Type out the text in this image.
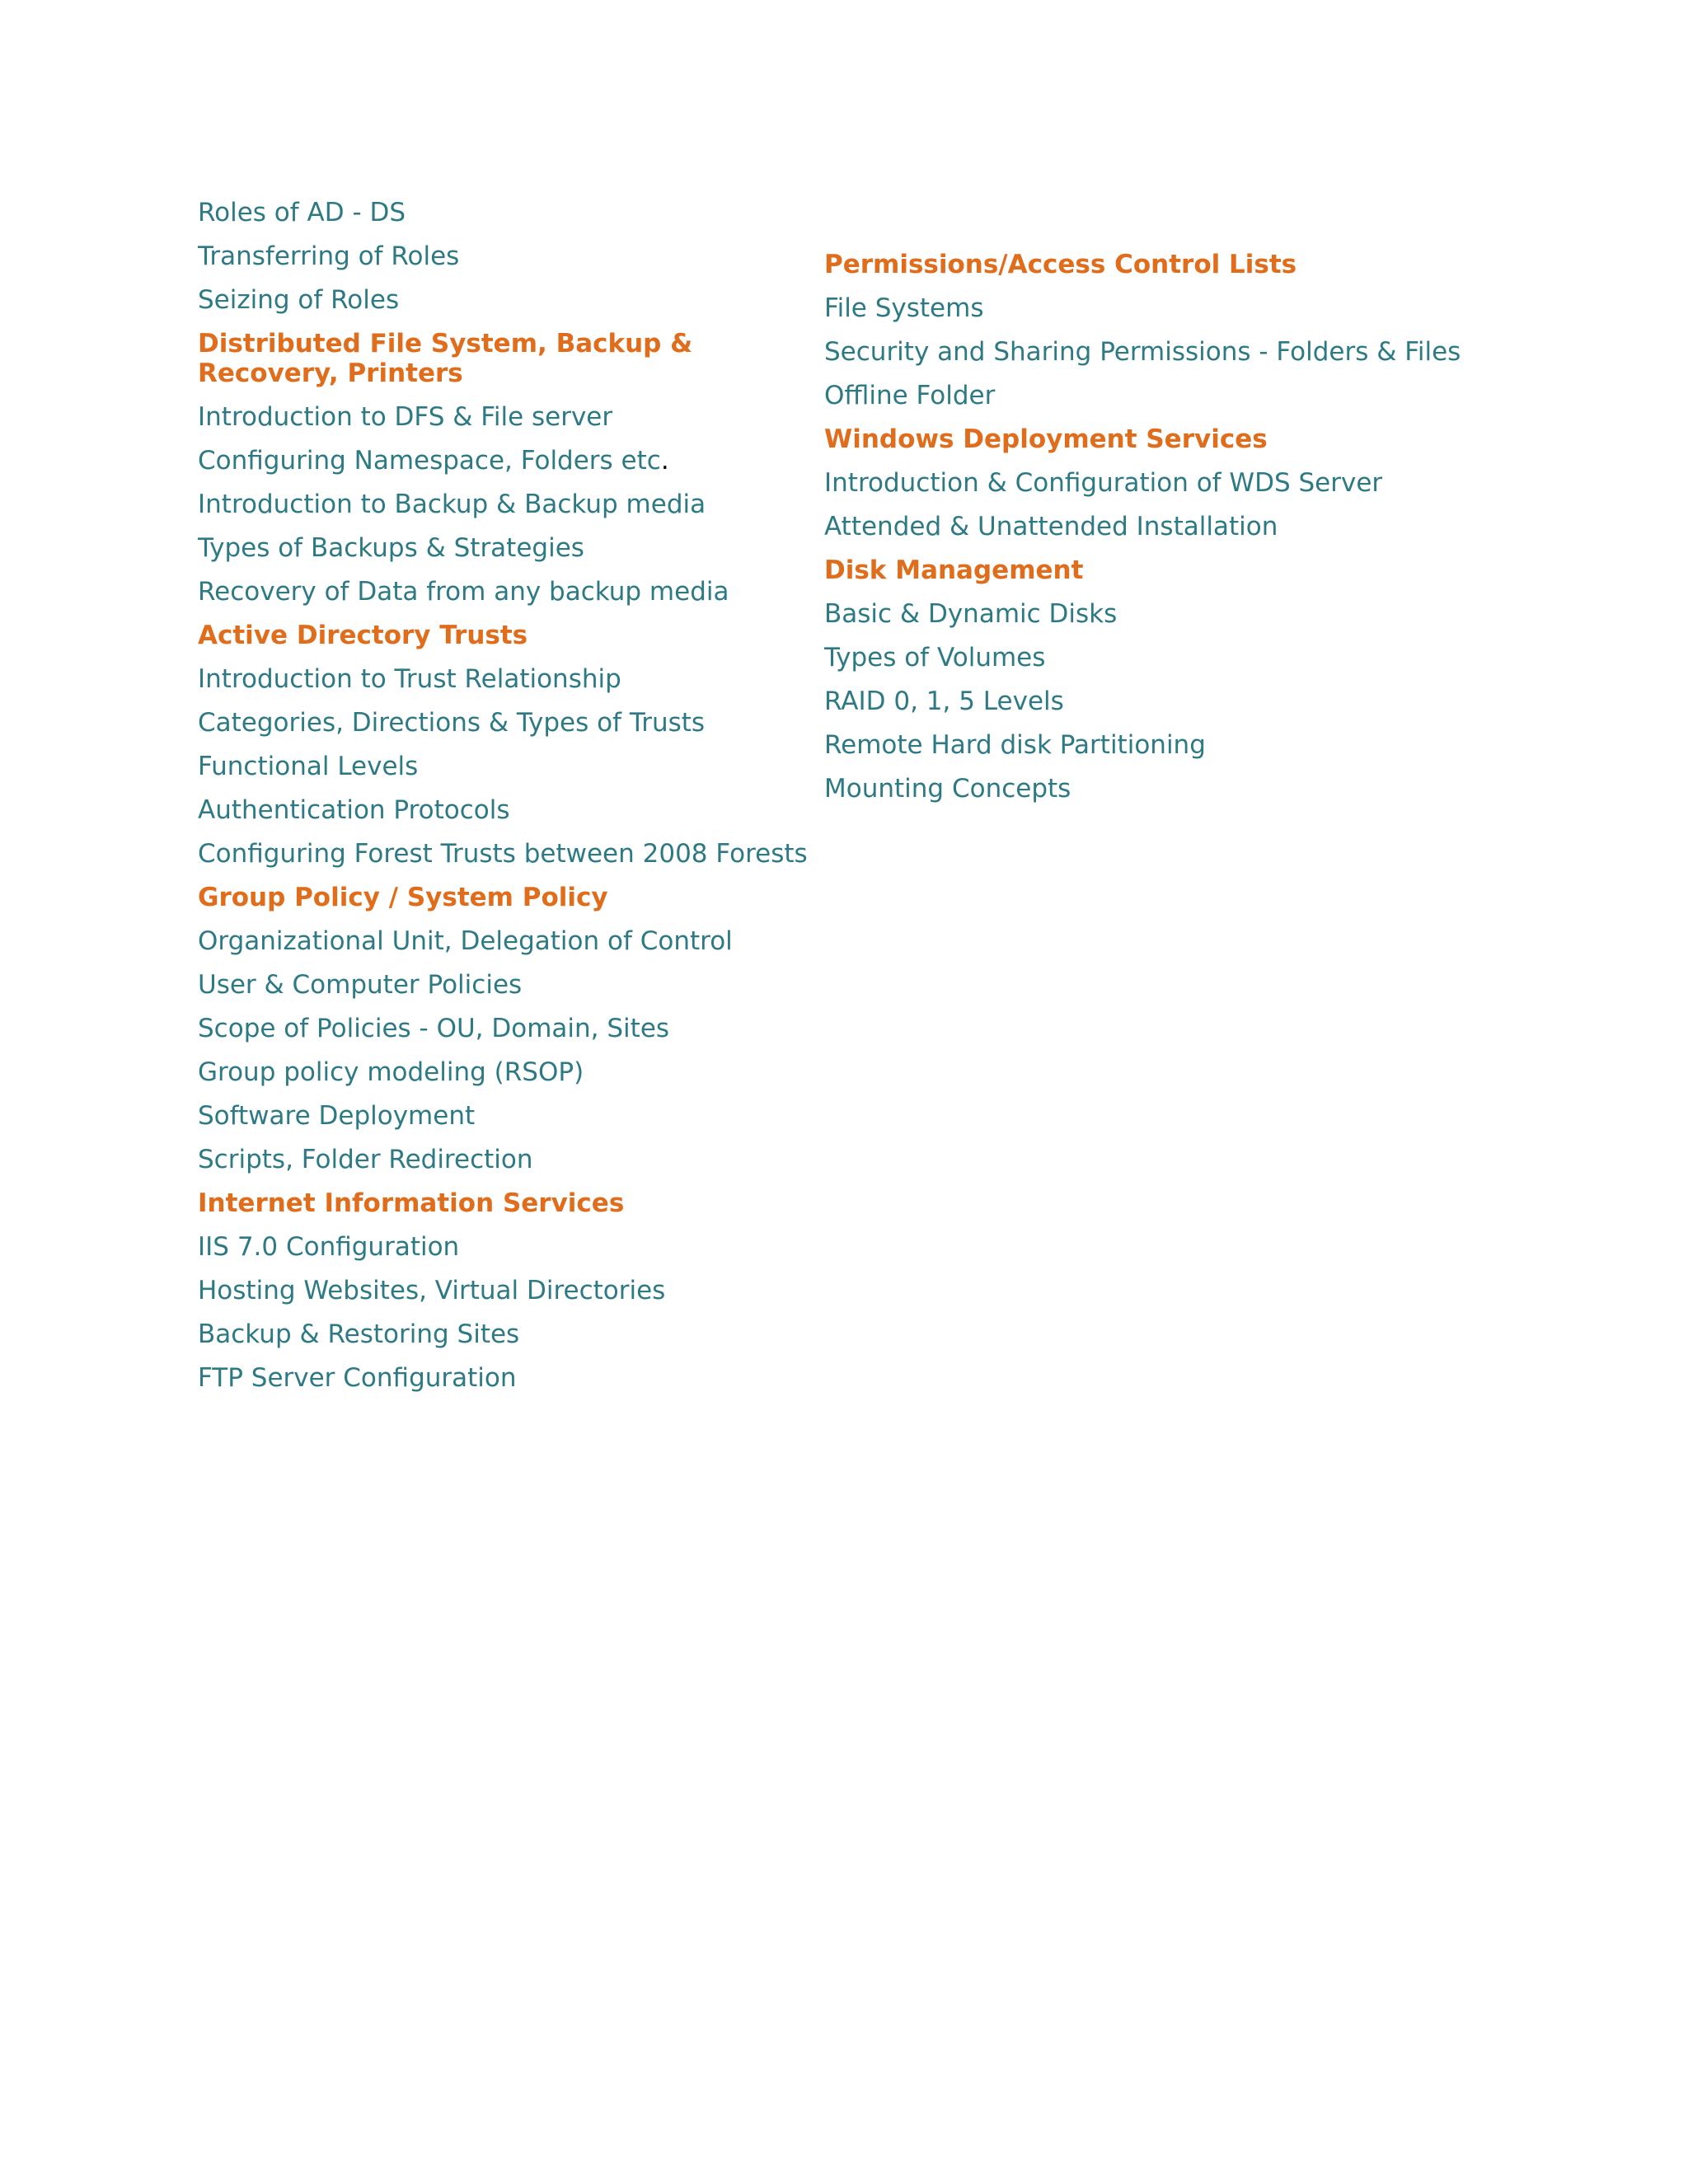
Roles of AD - DS
Transferring of Roles
Seizing of Roles
Distributed File System, Backup & Recovery, Printers
Introduction to DFS & File server
Configuring Namespace, Folders etc.
Introduction to Backup & Backup media
Types of Backups & Strategies
Recovery of Data from any backup media
Active Directory Trusts
Introduction to Trust Relationship
Categories, Directions & Types of Trusts
Functional Levels
Authentication Protocols
Configuring Forest Trusts between 2008 Forests
Group Policy / System Policy
Organizational Unit, Delegation of Control
User & Computer Policies
Scope of Policies - OU, Domain, Sites
Group policy modeling (RSOP)
Software Deployment
Scripts, Folder Redirection
Internet Information Services
IIS 7.0 Configuration
Hosting Websites, Virtual Directories
Backup & Restoring Sites
FTP Server Configuration
Permissions/Access Control Lists
File Systems
Security and Sharing Permissions - Folders & Files
Offline Folder
Windows Deployment Services
Introduction & Configuration of WDS Server
Attended & Unattended Installation
Disk Management
Basic & Dynamic Disks
Types of Volumes
RAID 0, 1, 5 Levels
Remote Hard disk Partitioning
Mounting Concepts
